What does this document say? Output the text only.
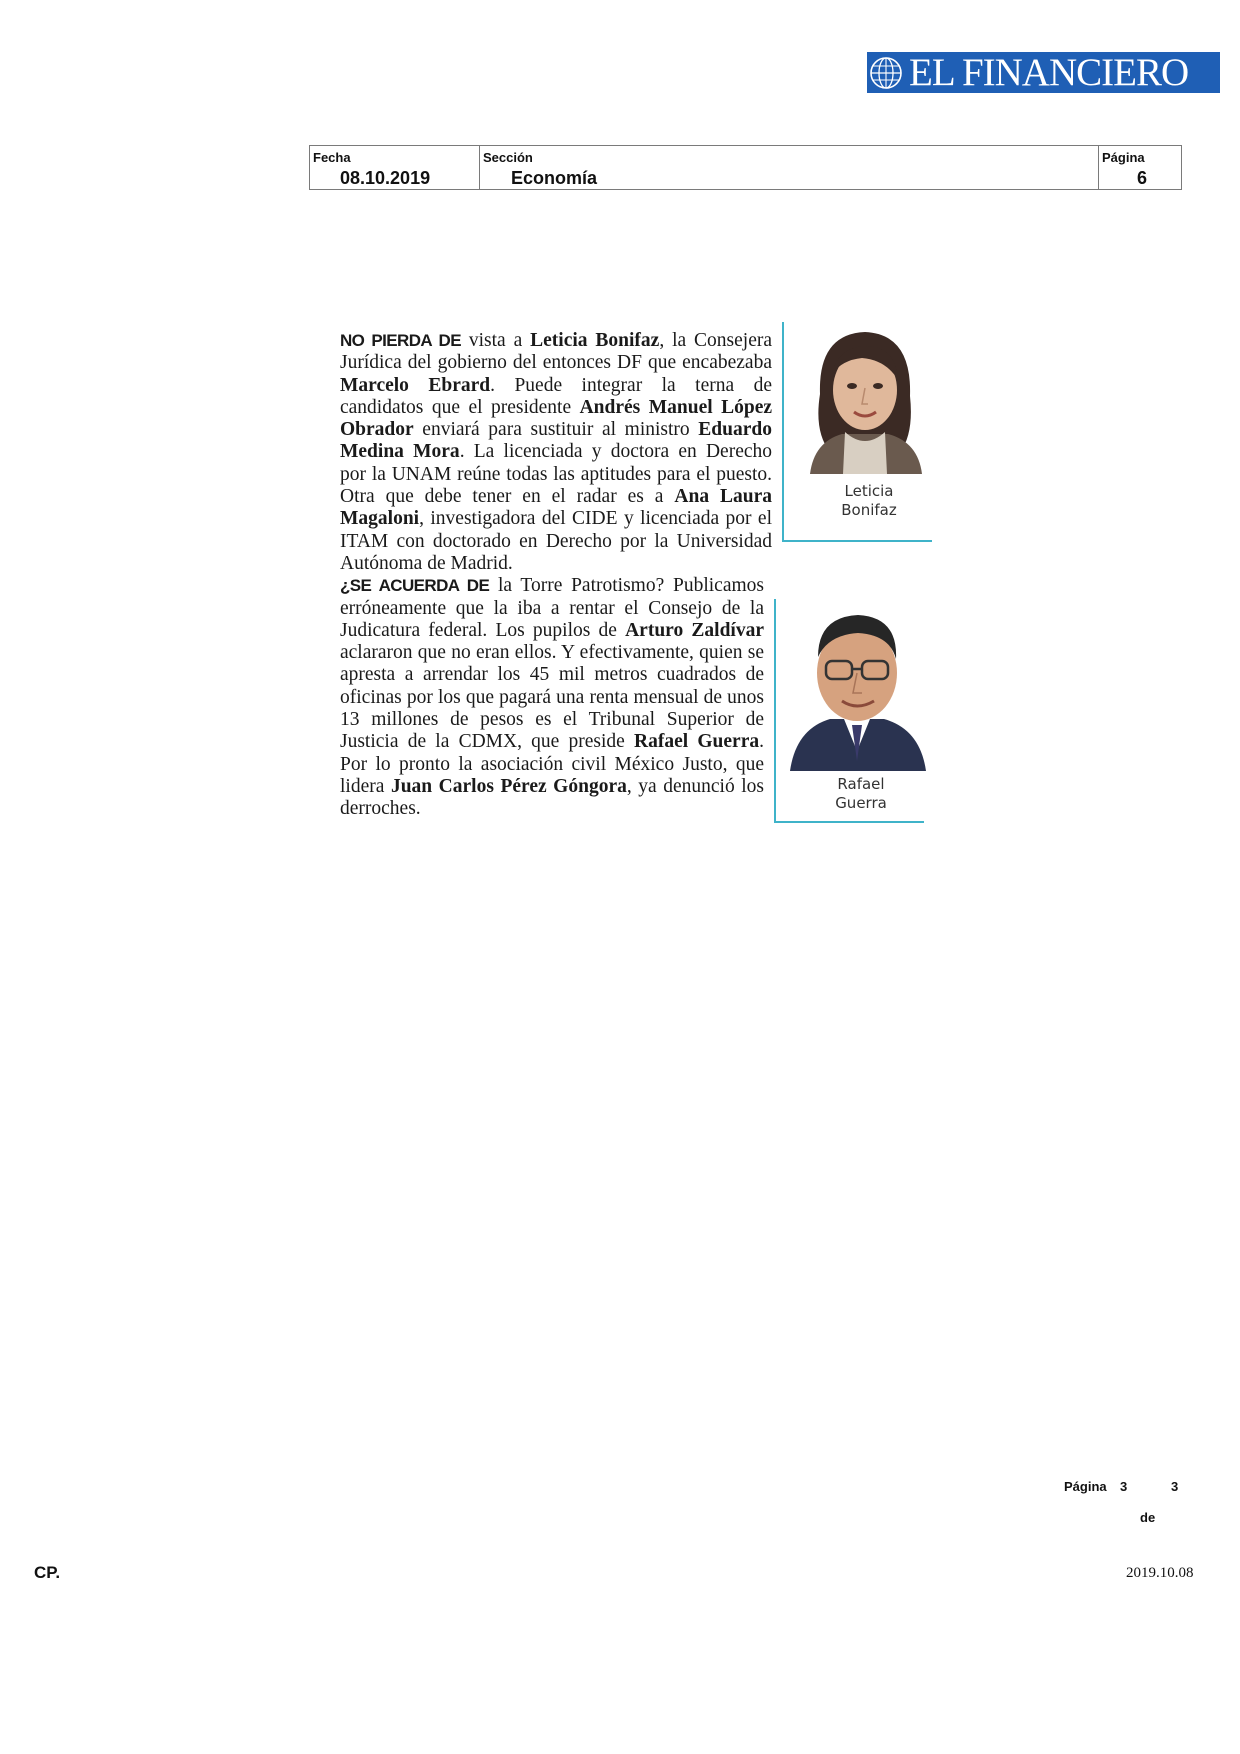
EL FINANCIERO
Fecha
08.10.2019
Sección
Economía
Página
6
Leticia
Bonifaz

NO PIERDA DE vista a Leticia Bonifaz, la Consejera Jurídica del gobierno del entonces DF que encabezaba Marcelo Ebrard. Puede integrar la terna de candidatos que el presidente Andrés Manuel López Obrador enviará para sustituir al ministro Eduardo Medina Mora. La licenciada y doctora en Derecho por la UNAM reúne todas las aptitudes para el puesto. Otra que debe tener en el radar es a Ana Laura Magaloni, investigadora del CIDE y licenciada por el ITAM con doctorado en Derecho por la Universidad Autónoma de Madrid.

Rafael
Guerra

¿SE ACUERDA DE la Torre Patrotismo? Publicamos erróneamente que la iba a rentar el Consejo de la Judicatura federal. Los pupilos de Arturo Zaldívar aclararon que no eran ellos. Y efectivamente, quien se apresta a arrendar los 45 mil metros cuadrados de oficinas por los que pagará una renta mensual de unos 13 millones de pesos es el Tribunal Superior de Justicia de la CDMX, que preside Rafael Guerra. Por lo pronto la asociación civil México Justo, que lidera Juan Carlos Pérez Góngora, ya denunció los derroches.

Página 3	3
de
CP.	2019.10.08
